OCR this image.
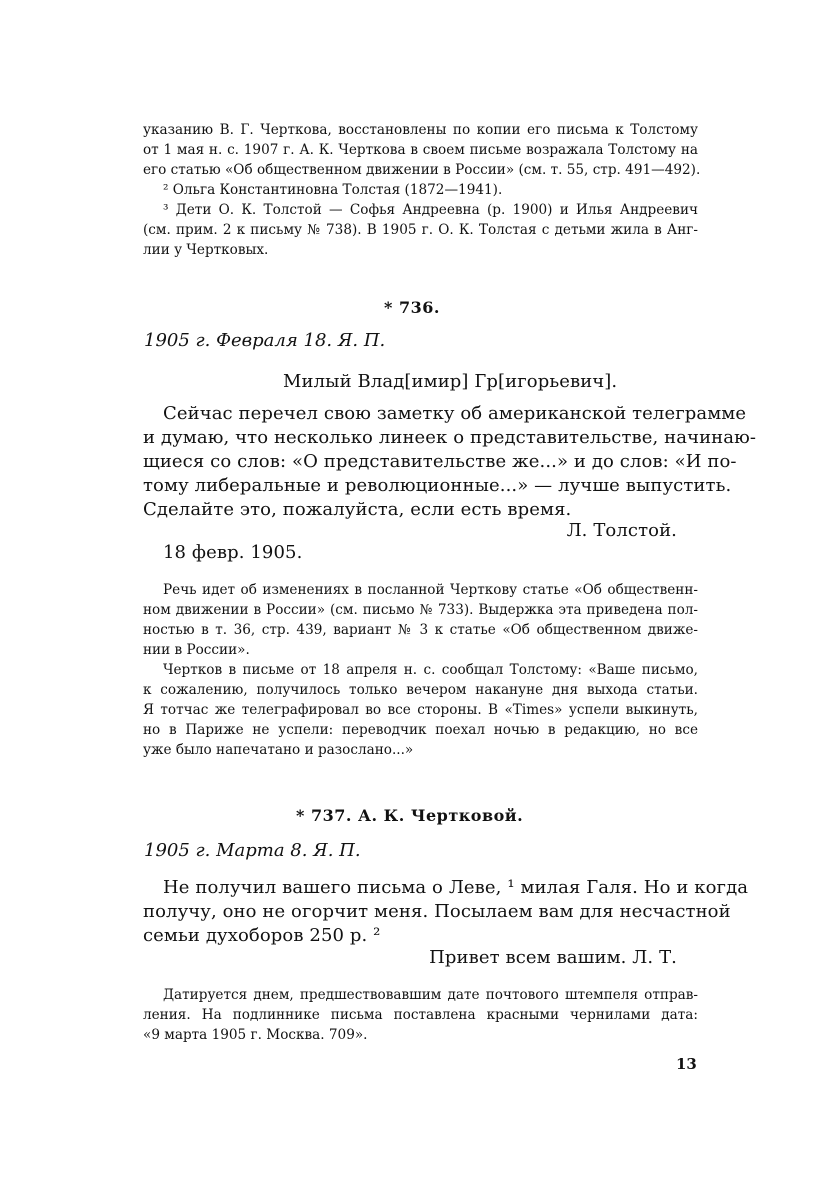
указанию В. Г. Черткова, восстановлены по копии его письма к Толстому
от 1 мая н. с. 1907 г. А. К. Черткова в своем письме возражала Толстому на
его статью «Об общественном движении в России» (см. т. 55, стр. 491—492).
² Ольга Константиновна Толстая (1872—1941).
³ Дети О. К. Толстой — Софья Андреевна (р. 1900) и Илья Андреевич
(см. прим. 2 к письму № 738). В 1905 г. О. К. Толстая с детьми жила в Анг-
лии у Чертковых.
* 736.
1905 г. Февраля 18. Я. П.
Милый Влад[имир] Гр[игорьевич].
Сейчас перечел свою заметку об американской телеграмме
и думаю, что несколько линеек о представительстве, начинаю-
щиеся со слов: «О представительстве же...» и до слов: «И по-
тому либеральные и революционные...» — лучше выпустить.
Сделайте это, пожалуйста, если есть время.
Л. Толстой.
18 февр. 1905.
Речь идет об изменениях в посланной Черткову статье «Об общественн-
ном движении в России» (см. письмо № 733). Выдержка эта приведена пол-
ностью в т. 36, стр. 439, вариант № 3 к статье «Об общественном движе-
нии в России».
Чертков в письме от 18 апреля н. с. сообщал Толстому: «Ваше письмо,
к сожалению, получилось только вечером накануне дня выхода статьи.
Я тотчас же телеграфировал во все стороны. В «Times» успели выкинуть,
но в Париже не успели: переводчик поехал ночью в редакцию, но все
уже было напечатано и разослано...»
* 737. А. К. Чертковой.
1905 г. Марта 8. Я. П.
Не получил вашего письма о Леве, ¹ милая Галя. Но и когда
получу, оно не огорчит меня. Посылаем вам для несчастной
семьи духоборов 250 р. ²
Привет всем вашим. Л. Т.
Датируется днем, предшествовавшим дате почтового штемпеля отправ-
ления. На подлиннике письма поставлена красными чернилами дата:
«9 марта 1905 г. Москва. 709».
13
